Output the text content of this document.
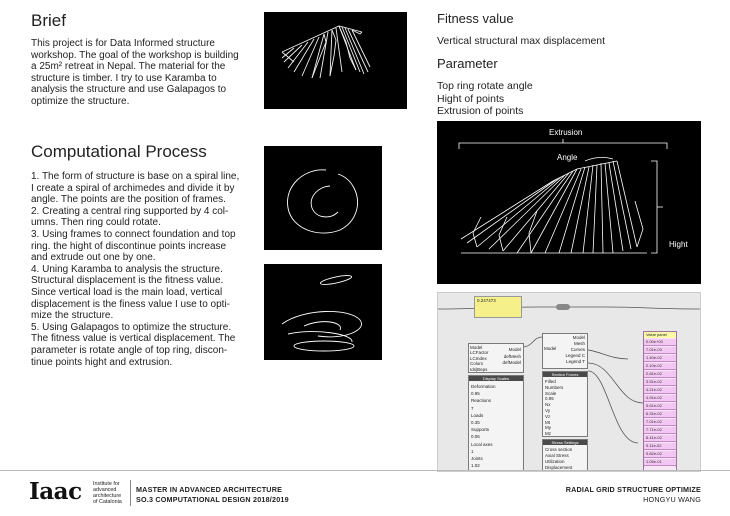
Brief
This project is for Data Informed structure
workshop. The goal of the workshop is building
a 25m² retreat in Nepal. The material for the
structure is timber. I try to use Karamba to
analysis the structure and use Galapagos to
optimize the structure.
Computational Process
1. The form of structure is base on a spiral line,
I create a spiral of archimedes and divide it by
angle. The points are the position of frames.
2. Creating a central ring supported by 4 col-
umns. Then ring could rotate.
3. Using frames to connect foundation and top
ring. the hight of discontinue points increase
and extrude out one by one.
4. Uning Karamba to analysis the structure.
Structural displacement is the fitness value.
Since vertical load is the main load, vertical
displacement is the finess value I use to opti-
mize the structure.
5. Using Galapagos to optimize the structure.
The fitness value is vertical displacement. The
parameter is rotate angle of top ring, discon-
tinue points hight and extrusion.
Fitness value
Vertical structural max displacement
Parameter
Top ring rotate angle
Hight of points
Extrusion of points
Extrusion
Angle
Hight
0.247473
Model
LCFactor
LCIndex
Colors
Ids|Beps
Model
defMesh
defModel
Display Scales
Deformation
0.95
Reactions
7
Loads
0.35
Supports
0.06
Local axes
1
Joints
1.02
Model
Model
Mesh
Curves
Legend C
Legend T
Section Forces
Filled
Numbers
Scale
0.95
Nx
Vy
Vz
Mt
My
Mz
Stress Settings
Cross section
Axial Stress
Utilization
Displacement
Value panel
0.00e+00
7.01e-03
1.40e-02
2.10e-02
2.81e-02
3.51e-02
4.21e-02
4.91e-02
5.61e-02
6.31e-02
7.01e-02
7.71e-02
8.41e-02
9.11e-02
9.82e-02
1.05e-01
Iaac Institute for
advanced
architecture
of Catalonia
MASTER IN ADVANCED ARCHITECTURE
SO.3 COMPUTATIONAL DESIGN 2018/2019
RADIAL GRID STRUCTURE OPTIMIZE
HONGYU WANG
